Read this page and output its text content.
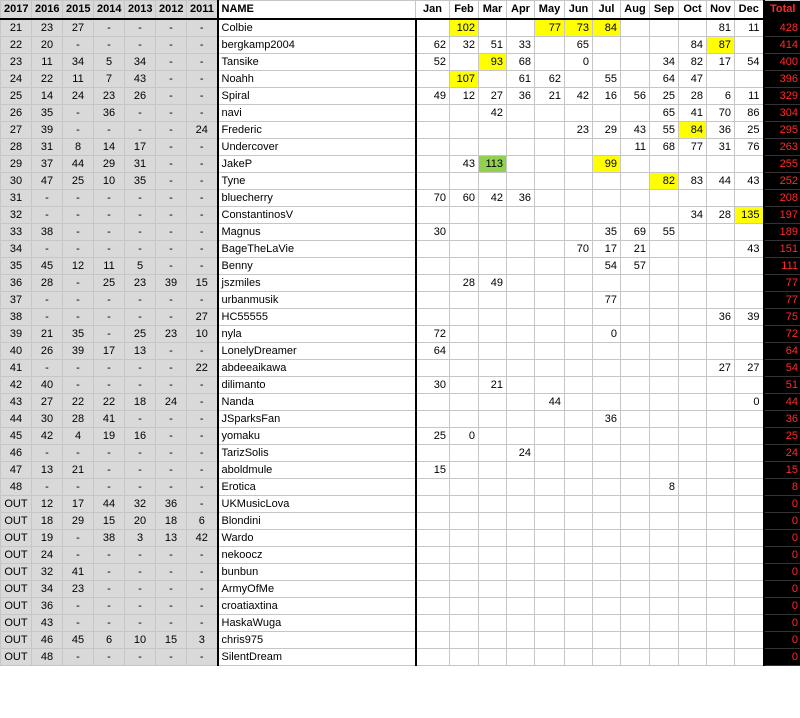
2017	2016	2015	2014	2013	2012	2011	NAME	Jan	Feb	Mar	Apr	May	Jun	Jul	Aug	Sep	Oct	Nov	Dec	Total
21	23	27	-	-	-	-	Colbie		102			77	73	84				81	11	428
22	20	-	-	-	-	-	bergkamp2004	62	32	51	33		65				84	87		414
23	11	34	5	34	-	-	Tansike	52		93	68		0			34	82	17	54	400
24	22	11	7	43	-	-	Noahh		107		61	62		55		64	47			396
25	14	24	23	26	-	-	Spiral	49	12	27	36	21	42	16	56	25	28	6	11	329
26	35	-	36	-	-	-	navi			42						65	41	70	86	304
27	39	-	-	-	-	24	Frederic						23	29	43	55	84	36	25	295
28	31	8	14	17	-	-	Undercover								11	68	77	31	76	263
29	37	44	29	31	-	-	JakeP		43	113				99						255
30	47	25	10	35	-	-	Tyne									82	83	44	43	252
31	-	-	-	-	-	-	bluecherry	70	60	42	36									208
32	-	-	-	-	-	-	ConstantinosV										34	28	135	197
33	38	-	-	-	-	-	Magnus	30						35	69	55				189
34	-	-	-	-	-	-	BageTheLaVie						70	17	21				43	151
35	45	12	11	5	-	-	Benny							54	57					111
36	28	-	25	23	39	15	jszmiles		28	49										77
37	-	-	-	-	-	-	urbanmusik							77						77
38	-	-	-	-	-	27	HC55555											36	39	75
39	21	35	-	25	23	10	nyla	72						0						72
40	26	39	17	13	-	-	LonelyDreamer	64												64
41	-	-	-	-	-	22	abdeeaikawa											27	27	54
42	40	-	-	-	-	-	dilimanto	30		21										51
43	27	22	22	18	24	-	Nanda					44							0	44
44	30	28	41	-	-	-	JSparksFan							36						36
45	42	4	19	16	-	-	yomaku	25	0											25
46	-	-	-	-	-	-	TarizSolis				24									24
47	13	21	-	-	-	-	aboldmule	15												15
48	-	-	-	-	-	-	Erotica									8				8
OUT	12	17	44	32	36	-	UKMusicLova													0
OUT	18	29	15	20	18	6	Blondini													0
OUT	19	-	38	3	13	42	Wardo													0
OUT	24	-	-	-	-	-	nekoocz													0
OUT	32	41	-	-	-	-	bunbun													0
OUT	34	23	-	-	-	-	ArmyOfMe													0
OUT	36	-	-	-	-	-	croatiaxtina													0
OUT	43	-	-	-	-	-	HaskaWuga													0
OUT	46	45	6	10	15	3	chris975													0
OUT	48	-	-	-	-	-	SilentDream													0
